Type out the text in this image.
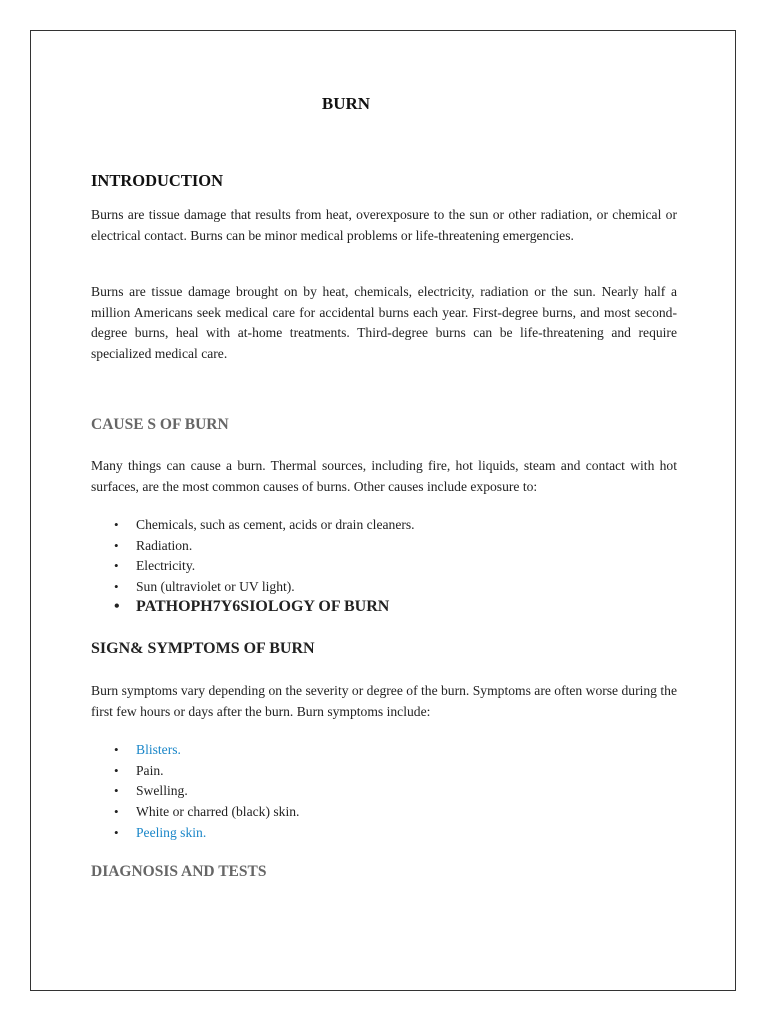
BURN
INTRODUCTION

Burns are tissue damage that results from heat, overexposure to the sun or other radiation, or chemical or electrical contact. Burns can be minor medical problems or life-threatening emergencies.

Burns are tissue damage brought on by heat, chemicals, electricity, radiation or the sun. Nearly half a million Americans seek medical care for accidental burns each year. First-degree burns, and most second-degree burns, heal with at-home treatments. Third-degree burns can be life-threatening and require specialized medical care.

CAUSE S OF BURN

Many things can cause a burn. Thermal sources, including fire, hot liquids, steam and contact with hot surfaces, are the most common causes of burns. Other causes include exposure to:

• Chemicals, such as cement, acids or drain cleaners.
• Radiation.
• Electricity.
• Sun (ultraviolet or UV light).
• PATHOPH7Y6SIOLOGY OF BURN
SIGN& SYMPTOMS OF BURN

Burn symptoms vary depending on the severity or degree of the burn. Symptoms are often worse during the first few hours or days after the burn. Burn symptoms include:

• Blisters.
• Pain.
• Swelling.
• White or charred (black) skin.
• Peeling skin.
DIAGNOSIS AND TESTS
